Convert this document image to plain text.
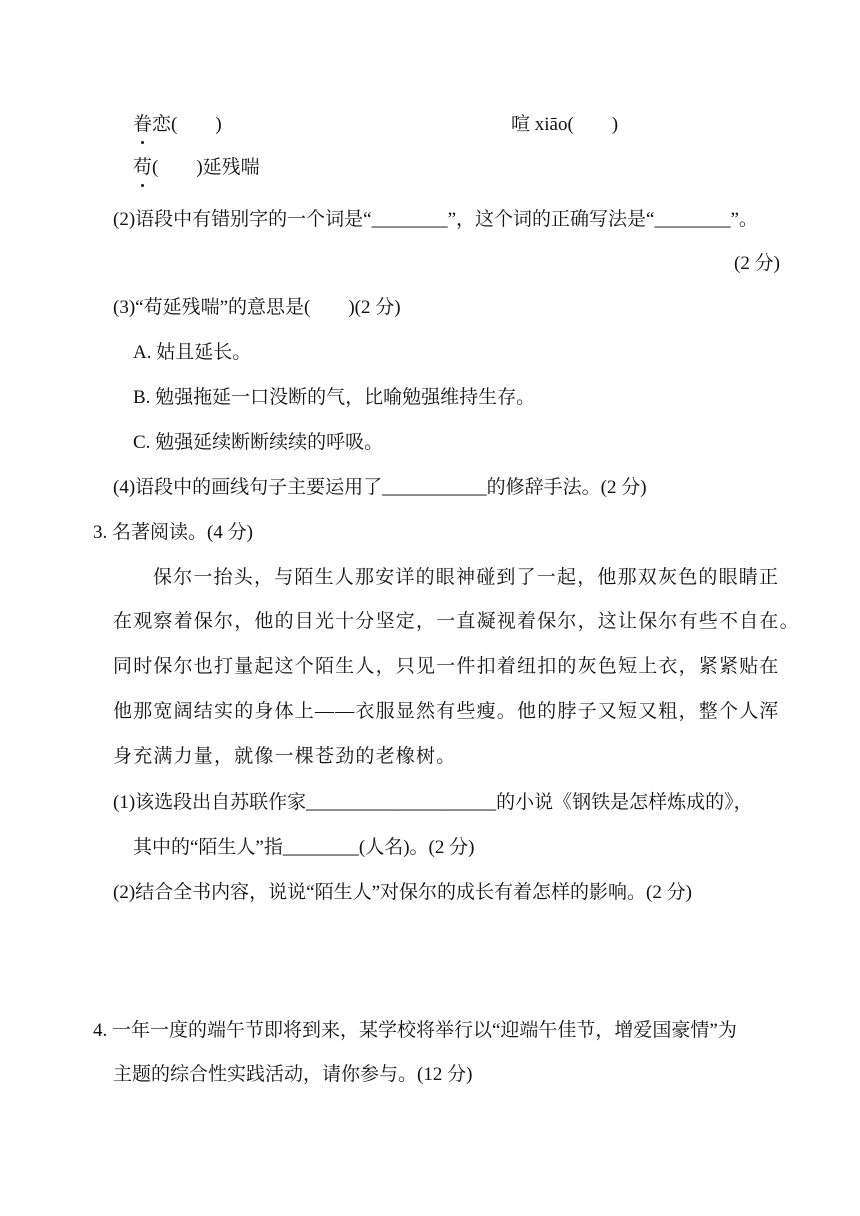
眷恋(　　)	喧 xiāo(　　)
苟(　　)延残喘
(2)语段中有错别字的一个词是“________”，这个词的正确写法是“________”。
(2 分)
(3)“苟延残喘”的意思是(　　)(2 分)
A. 姑且延长。
B. 勉强拖延一口没断的气，比喻勉强维持生存。
C. 勉强延续断断续续的呼吸。
(4)语段中的画线句子主要运用了___________的修辞手法。(2 分)
3. 名著阅读。(4 分)
保尔一抬头，与陌生人那安详的眼神碰到了一起，他那双灰色的眼睛正
在观察着保尔，他的目光十分坚定，一直凝视着保尔，这让保尔有些不自在。
同时保尔也打量起这个陌生人，只见一件扣着纽扣的灰色短上衣，紧紧贴在
他那宽阔结实的身体上——衣服显然有些瘦。他的脖子又短又粗，整个人浑
身充满力量，就像一棵苍劲的老橡树。
(1)该选段出自苏联作家____________________的小说《钢铁是怎样炼成的》，
其中的“陌生人”指________(人名)。(2 分)
(2)结合全书内容，说说“陌生人”对保尔的成长有着怎样的影响。(2 分)
4. 一年一度的端午节即将到来，某学校将举行以“迎端午佳节，增爱国豪情”为
主题的综合性实践活动，请你参与。(12 分)
